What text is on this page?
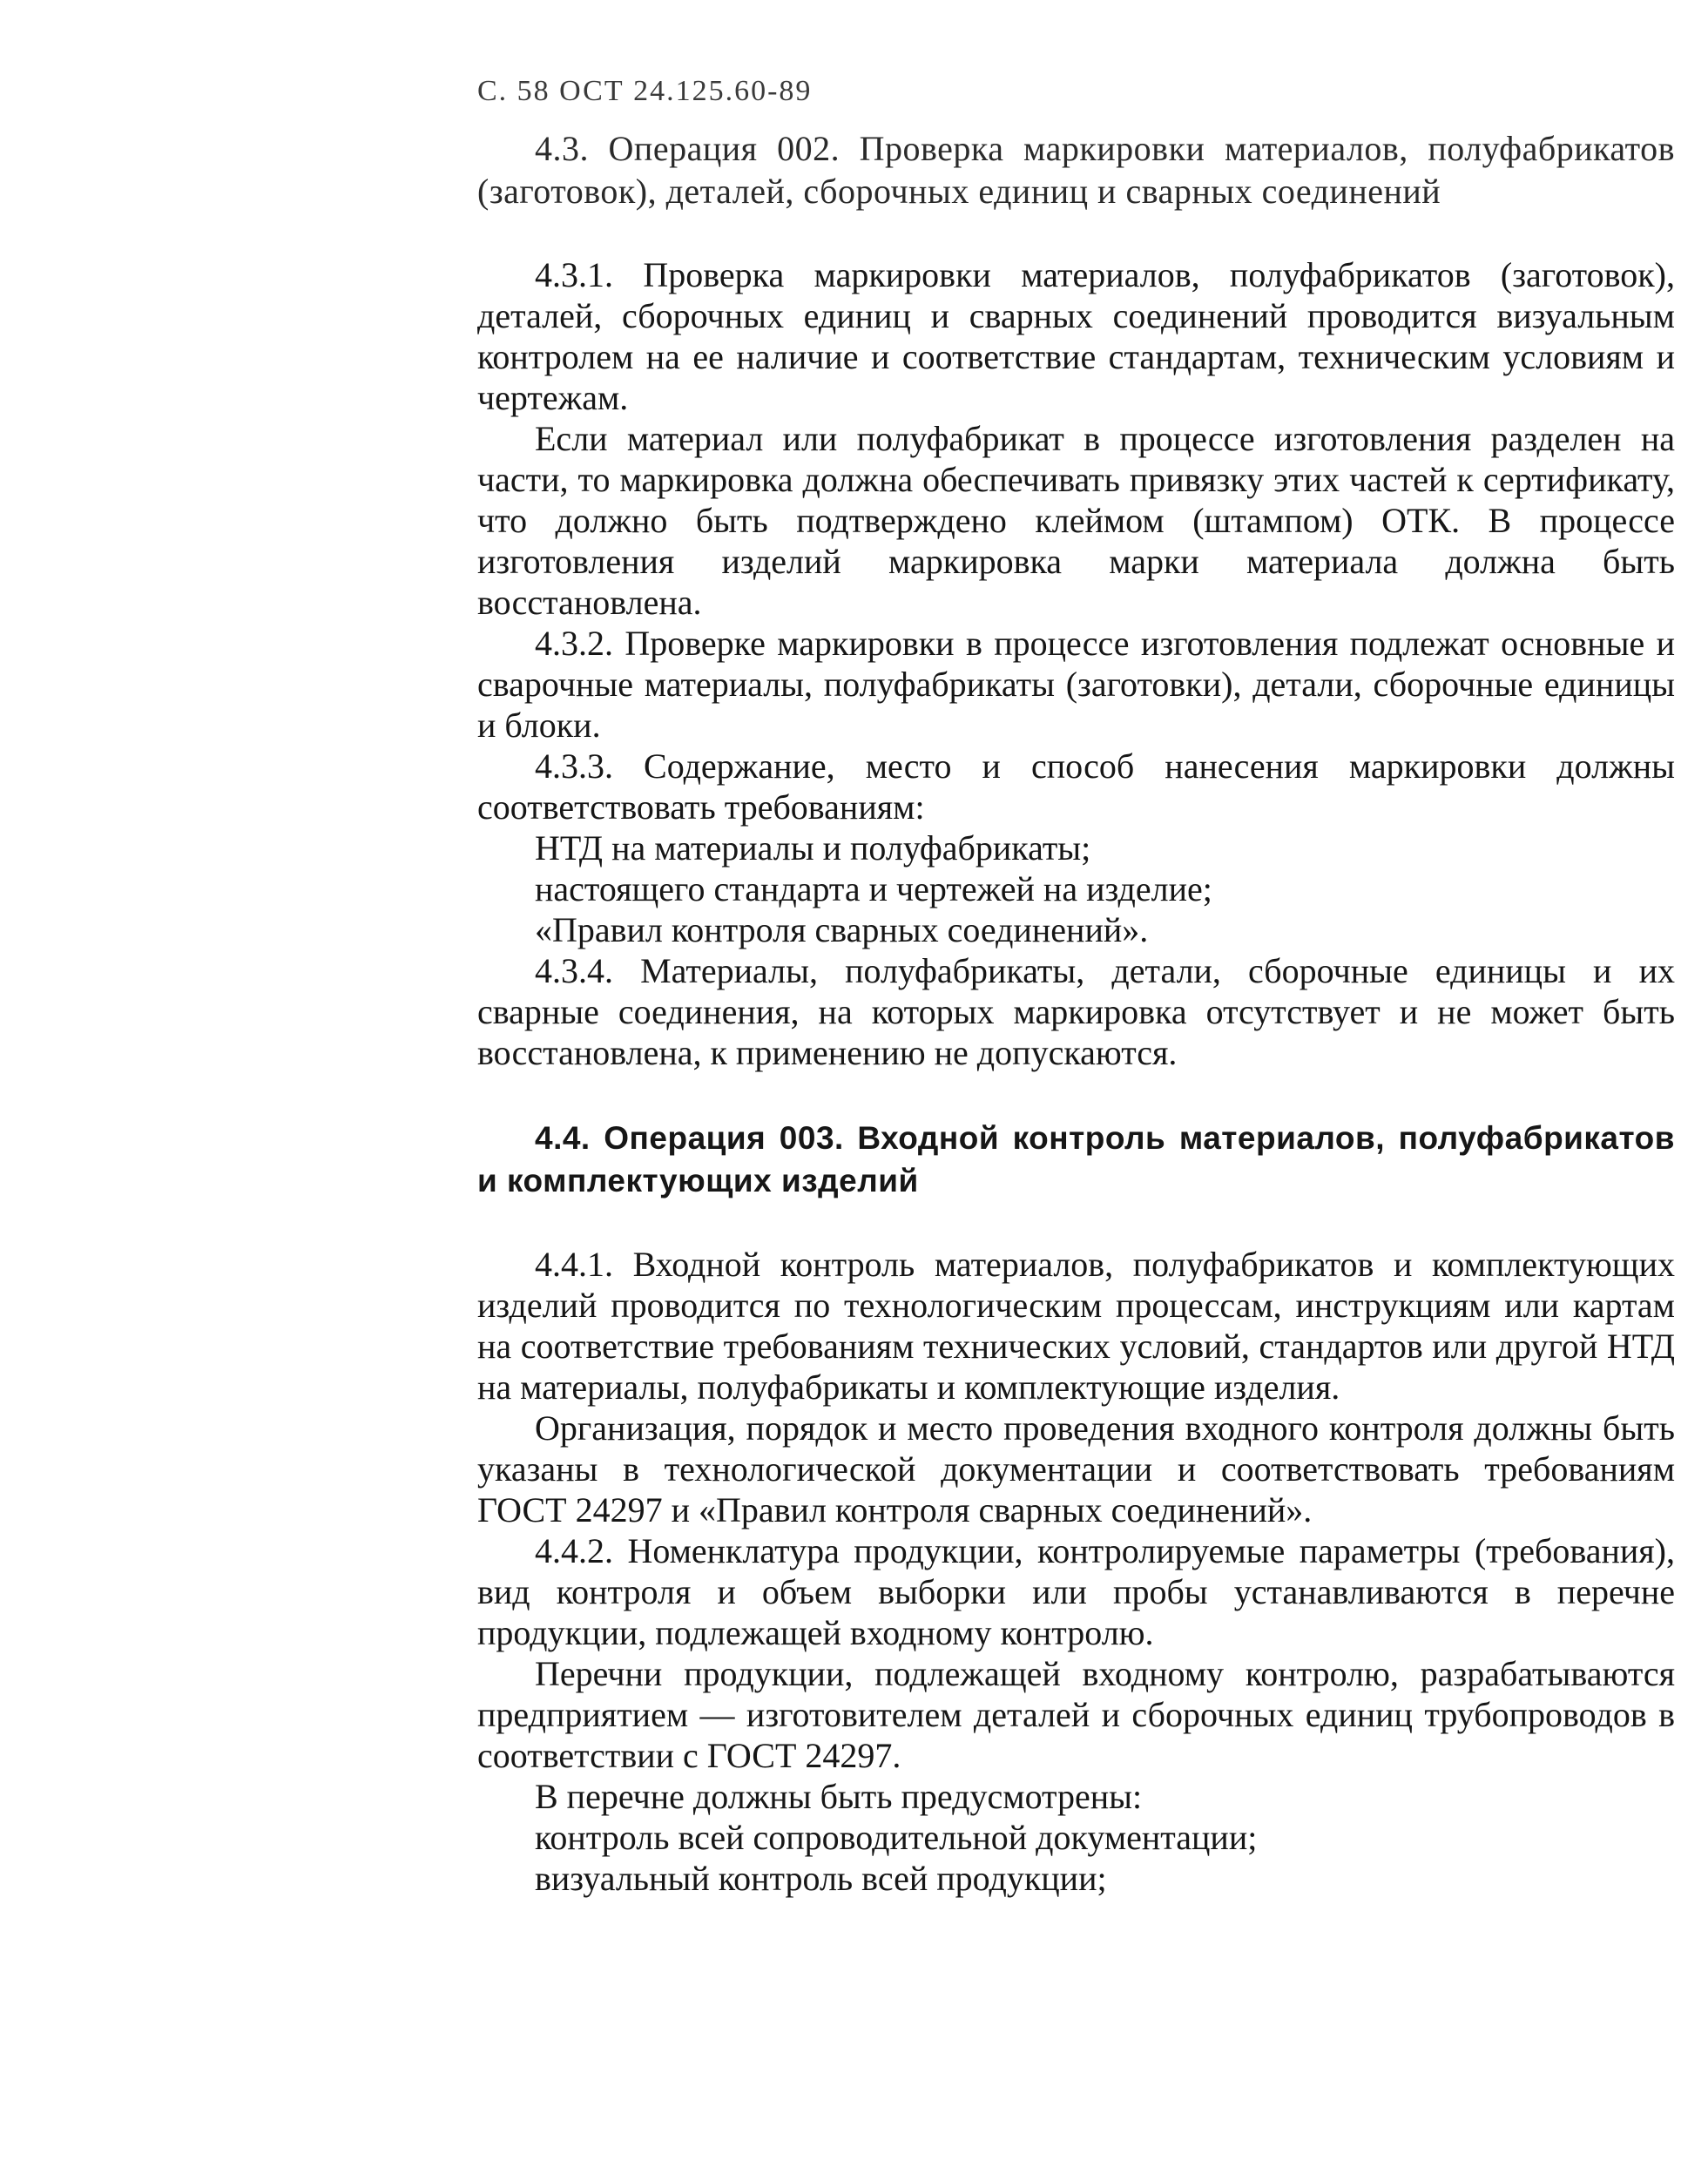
С. 58 ОСТ 24.125.60-89

4.3. Операция 002. Проверка маркировки материалов, полуфабрикатов (заготовок), деталей, сборочных единиц и сварных соединений

4.3.1. Проверка маркировки материалов, полуфабрикатов (заготовок), деталей, сборочных единиц и сварных соединений проводится визуальным контролем на ее наличие и соответствие стандартам, техническим условиям и чертежам.

Если материал или полуфабрикат в процессе изготовления разделен на части, то маркировка должна обеспечивать привязку этих частей к сертификату, что должно быть подтверждено клеймом (штампом) ОТК. В процессе изготовления изделий маркировка марки материала должна быть восстановлена.

4.3.2. Проверке маркировки в процессе изготовления подлежат основные и сварочные материалы, полуфабрикаты (заготовки), детали, сборочные единицы и блоки.

4.3.3. Содержание, место и способ нанесения маркировки должны соответствовать требованиям:

НТД на материалы и полуфабрикаты;

настоящего стандарта и чертежей на изделие;

«Правил контроля сварных соединений».

4.3.4. Материалы, полуфабрикаты, детали, сборочные единицы и их сварные соединения, на которых маркировка отсутствует и не может быть восстановлена, к применению не допускаются.

4.4. Операция 003. Входной контроль материалов, полуфабрикатов и комплектующих изделий

4.4.1. Входной контроль материалов, полуфабрикатов и комплектующих изделий проводится по технологическим процессам, инструкциям или картам на соответствие требованиям технических условий, стандартов или другой НТД на материалы, полуфабрикаты и комплектующие изделия.

Организация, порядок и место проведения входного контроля должны быть указаны в технологической документации и соответствовать требованиям ГОСТ 24297 и «Правил контроля сварных соединений».

4.4.2. Номенклатура продукции, контролируемые параметры (требования), вид контроля и объем выборки или пробы устанавливаются в перечне продукции, подлежащей входному контролю.

Перечни продукции, подлежащей входному контролю, разрабатываются предприятием — изготовителем деталей и сборочных единиц трубопроводов в соответствии с ГОСТ 24297.

В перечне должны быть предусмотрены:

контроль всей сопроводительной документации;

визуальный контроль всей продукции;
